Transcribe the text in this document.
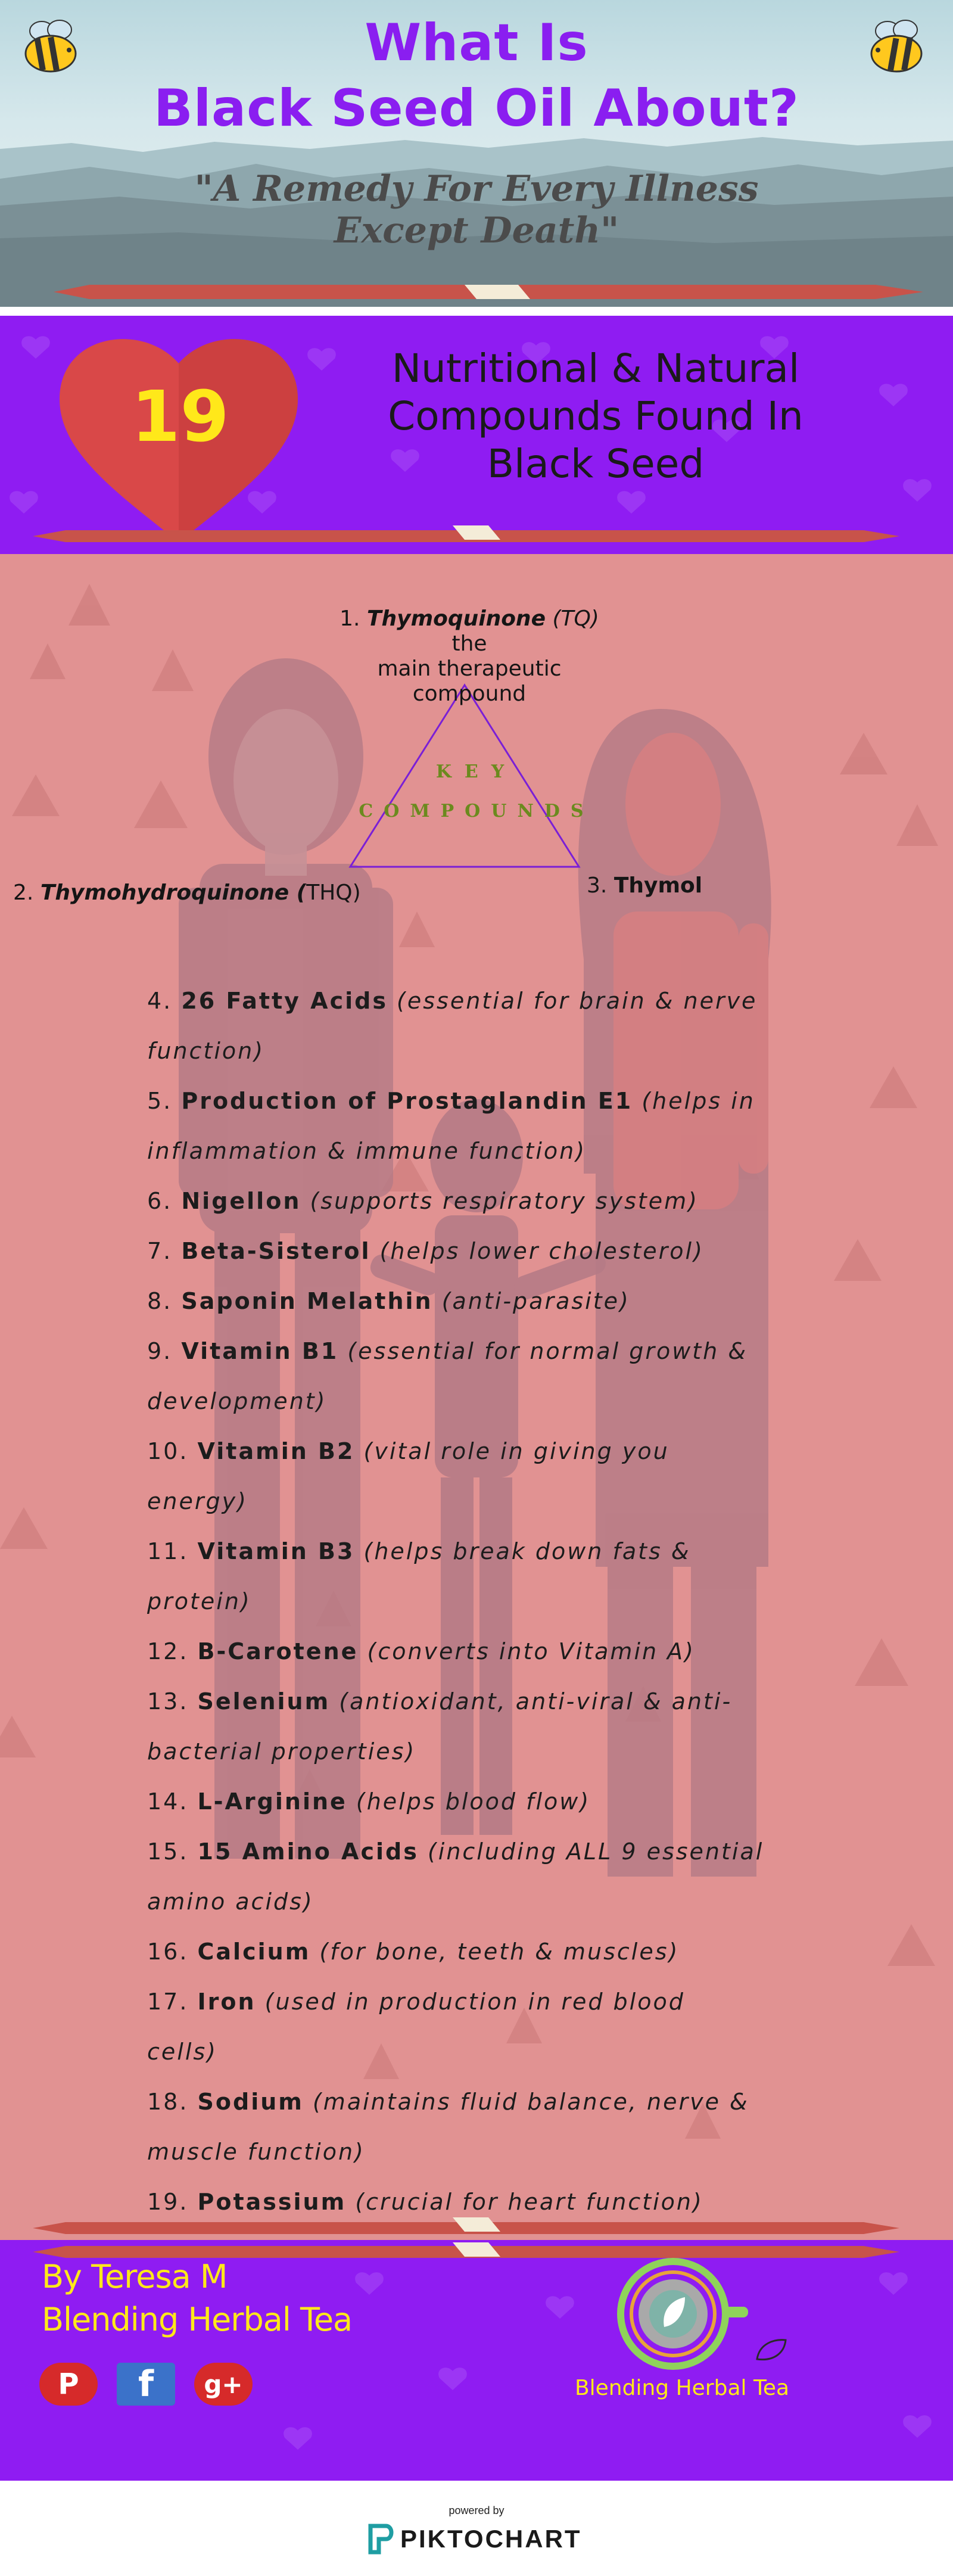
What Is
Black Seed Oil About?
"A Remedy For Every Illness
Except Death"
19
Nutritional & Natural
Compounds Found In
Black Seed
KEY
COMPOUNDS
1. Thymoquinone (TQ) the
main therapeutic
compound
2. Thymohydroquinone (THQ)	3. Thymol
4. 26 Fatty Acids (essential for brain & nerve
function)
5. Production of Prostaglandin E1 (helps in
inflammation & immune function)
6. Nigellon (supports respiratory system)
7. Beta-Sisterol (helps lower cholesterol)
8. Saponin Melathin (anti-parasite)
9. Vitamin B1 (essential for normal growth &
development)
10. Vitamin B2 (vital role in giving you
energy)
11. Vitamin B3 (helps break down fats &
protein)
12. B-Carotene (converts into Vitamin A)
13. Selenium (antioxidant, anti-viral & anti-
bacterial properties)
14. L-Arginine (helps blood flow)
15. 15 Amino Acids (including ALL 9 essential
amino acids)
16. Calcium (for bone, teeth & muscles)
17. Iron (used in production in red blood
cells)
18. Sodium (maintains fluid balance, nerve &
muscle function)
19. Potassium (crucial for heart function)
By Teresa M
Blending Herbal Tea
P	f	g+	Blending Herbal Tea
powered by
PIKTOCHART
